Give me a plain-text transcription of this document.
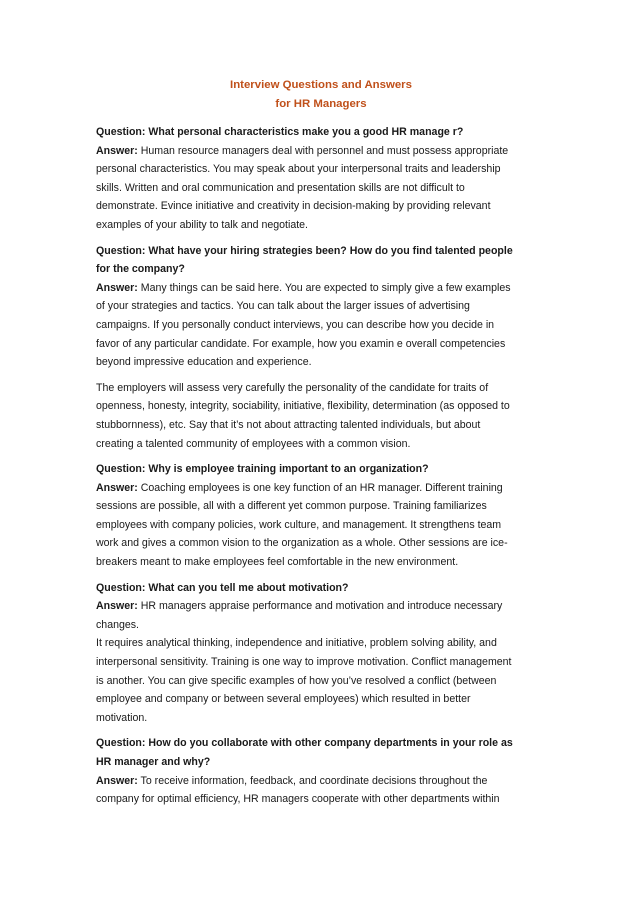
Interview Questions and Answers
for HR Managers
Question: What personal characteristics make you a good HR manage r?
Answer: Human resource managers deal with personnel and must possess appropriate
personal characteristics. You may speak about your interpersonal traits and leadership
skills. Written and oral communication and presentation skills are not difficult to
demonstrate. Evince initiative and creativity in decision-making by providing relevant
examples of your ability to talk and negotiate.
Question: What have your hiring strategies been? How do you find talented people
for the company?
Answer: Many things can be said here. You are expected to simply give a few examples
of your strategies and tactics. You can talk about the larger issues of advertising
campaigns. If you personally conduct interviews, you can describe how you decide in
favor of any particular candidate. For example, how you examin e overall competencies
beyond impressive education and experience.
The employers will assess very carefully the personality of the candidate for traits of
openness, honesty, integrity, sociability, initiative, flexibility, determination (as opposed to
stubbornness), etc. Say that it’s not about attracting talented individuals, but about
creating a talented community of employees with a common vision.
Question: Why is employee training important to an organization?
Answer: Coaching employees is one key function of an HR manager. Different training
sessions are possible, all with a different yet common purpose. Training familiarizes
employees with company policies, work culture, and management. It strengthens team
work and gives a common vision to the organization as a whole. Other sessions are ice-
breakers meant to make employees feel comfortable in the new environment.
Question: What can you tell me about motivation?
Answer: HR managers appraise performance and motivation and introduce necessary
changes.
It requires analytical thinking, independence and initiative, problem solving ability, and
interpersonal sensitivity. Training is one way to improve motivation. Conflict management
is another. You can give specific examples of how you’ve resolved a conflict (between
employee and company or between several employees) which resulted in better
motivation.
Question: How do you collaborate with other company departments in your role as
HR manager and why?
Answer: To receive information, feedback, and coordinate decisions throughout the
company for optimal efficiency, HR managers cooperate with other departments within
